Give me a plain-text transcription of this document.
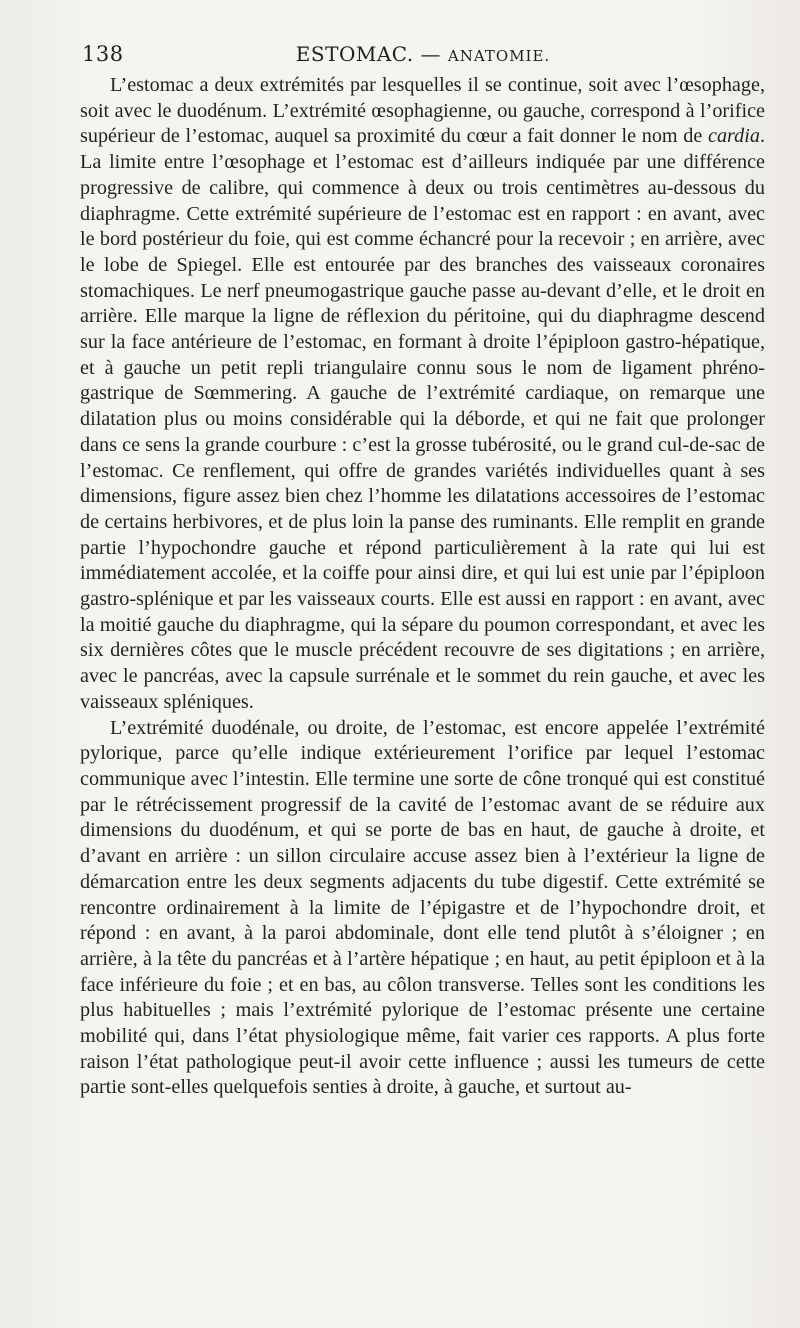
138	ESTOMAC. — ANATOMIE.

L’estomac a deux extrémités par lesquelles il se continue, soit avec l’œsophage, soit avec le duodénum. L’extrémité œsophagienne, ou gauche, correspond à l’orifice supérieur de l’estomac, auquel sa proximité du cœur a fait donner le nom de cardia. La limite entre l’œsophage et l’estomac est d’ailleurs indiquée par une différence progressive de calibre, qui commence à deux ou trois centimètres au-dessous du diaphragme. Cette extrémité supérieure de l’estomac est en rapport : en avant, avec le bord postérieur du foie, qui est comme échancré pour la recevoir ; en arrière, avec le lobe de Spiegel. Elle est entourée par des branches des vaisseaux coronaires stomachiques. Le nerf pneumogastrique gauche passe au-devant d’elle, et le droit en arrière. Elle marque la ligne de réflexion du péritoine, qui du diaphragme descend sur la face antérieure de l’estomac, en formant à droite l’épiploon gastro-hépatique, et à gauche un petit repli triangulaire connu sous le nom de ligament phréno-gastrique de Sœmmering. A gauche de l’extrémité cardiaque, on remarque une dilatation plus ou moins considérable qui la déborde, et qui ne fait que prolonger dans ce sens la grande courbure : c’est la grosse tubérosité, ou le grand cul-de-sac de l’estomac. Ce renflement, qui offre de grandes variétés individuelles quant à ses dimensions, figure assez bien chez l’homme les dilatations accessoires de l’estomac de certains herbivores, et de plus loin la panse des ruminants. Elle remplit en grande partie l’hypochondre gauche et répond particulièrement à la rate qui lui est immédiatement accolée, et la coiffe pour ainsi dire, et qui lui est unie par l’épiploon gastro-splénique et par les vaisseaux courts. Elle est aussi en rapport : en avant, avec la moitié gauche du diaphragme, qui la sépare du poumon correspondant, et avec les six dernières côtes que le muscle précédent recouvre de ses digitations ; en arrière, avec le pancréas, avec la capsule surrénale et le sommet du rein gauche, et avec les vaisseaux spléniques.

L’extrémité duodénale, ou droite, de l’estomac, est encore appelée l’extrémité pylorique, parce qu’elle indique extérieurement l’orifice par lequel l’estomac communique avec l’intestin. Elle termine une sorte de cône tronqué qui est constitué par le rétrécissement progressif de la cavité de l’estomac avant de se réduire aux dimensions du duodénum, et qui se porte de bas en haut, de gauche à droite, et d’avant en arrière : un sillon circulaire accuse assez bien à l’extérieur la ligne de démarcation entre les deux segments adjacents du tube digestif. Cette extrémité se rencontre ordinairement à la limite de l’épigastre et de l’hypochondre droit, et répond : en avant, à la paroi abdominale, dont elle tend plutôt à s’éloigner ; en arrière, à la tête du pancréas et à l’artère hépatique ; en haut, au petit épiploon et à la face inférieure du foie ; et en bas, au côlon transverse. Telles sont les conditions les plus habituelles ; mais l’extrémité pylorique de l’estomac présente une certaine mobilité qui, dans l’état physiologique même, fait varier ces rapports. A plus forte raison l’état pathologique peut-il avoir cette influence ; aussi les tumeurs de cette partie sont-elles quelquefois senties à droite, à gauche, et surtout au-
